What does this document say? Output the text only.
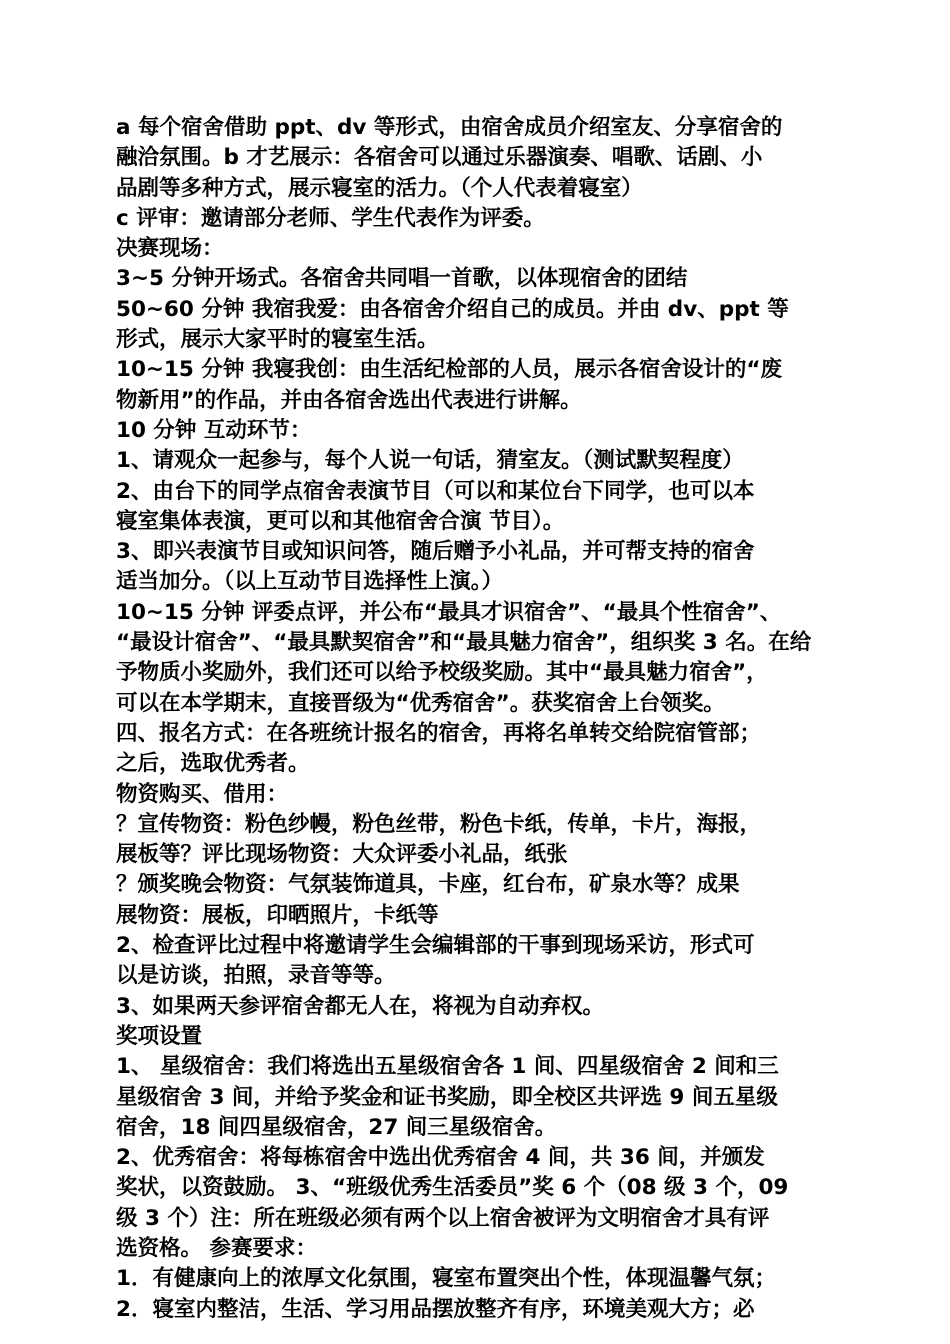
a 每个宿舍借助 ppt、dv 等形式，由宿舍成员介绍室友、分享宿舍的
融洽氛围。b 才艺展示：各宿舍可以通过乐器演奏、唱歌、话剧、小
品剧等多种方式，展示寝室的活力。（个人代表着寝室）
c 评审：邀请部分老师、学生代表作为评委。
决赛现场：
3~5 分钟开场式。各宿舍共同唱一首歌，以体现宿舍的团结
50~60 分钟 我宿我爱：由各宿舍介绍自己的成员。并由 dv、ppt 等
形式，展示大家平时的寝室生活。
10~15 分钟 我寝我创：由生活纪检部的人员，展示各宿舍设计的“废
物新用”的作品，并由各宿舍选出代表进行讲解。
10 分钟 互动环节：
1、请观众一起参与，每个人说一句话，猜室友。（测试默契程度）
2、由台下的同学点宿舍表演节目（可以和某位台下同学，也可以本
寝室集体表演，更可以和其他宿舍合演 节目）。
3、即兴表演节目或知识问答，随后赠予小礼品，并可帮支持的宿舍
适当加分。（以上互动节目选择性上演。）
10~15 分钟 评委点评，并公布“最具才识宿舍”、“最具个性宿舍”、
“最设计宿舍”、“最具默契宿舍”和“最具魅力宿舍”，组织奖 3 名。在给
予物质小奖励外，我们还可以给予校级奖励。其中“最具魅力宿舍”，
可以在本学期末，直接晋级为“优秀宿舍”。获奖宿舍上台领奖。
四、报名方式：在各班统计报名的宿舍，再将名单转交给院宿管部；
之后，选取优秀者。
物资购买、借用：
？宣传物资：粉色纱幔，粉色丝带，粉色卡纸，传单，卡片，海报，
展板等？评比现场物资：大众评委小礼品，纸张
？颁奖晚会物资：气氛装饰道具，卡座，红台布，矿泉水等？成果
展物资：展板，印晒照片，卡纸等
2、检查评比过程中将邀请学生会编辑部的干事到现场采访，形式可
以是访谈，拍照，录音等等。
3、如果两天参评宿舍都无人在，将视为自动弃权。
奖项设置
1、 星级宿舍：我们将选出五星级宿舍各 1 间、四星级宿舍 2 间和三
星级宿舍 3 间，并给予奖金和证书奖励，即全校区共评选 9 间五星级
宿舍，18 间四星级宿舍，27 间三星级宿舍。
2、优秀宿舍：将每栋宿舍中选出优秀宿舍 4 间，共 36 间，并颁发
奖状，以资鼓励。 3、“班级优秀生活委员”奖 6 个（08 级 3 个，09
级 3 个）注：所在班级必须有两个以上宿舍被评为文明宿舍才具有评
选资格。 参赛要求：
1．有健康向上的浓厚文化氛围，寝室布置突出个性，体现温馨气氛；
2．寝室内整洁，生活、学习用品摆放整齐有序，环境美观大方；必
